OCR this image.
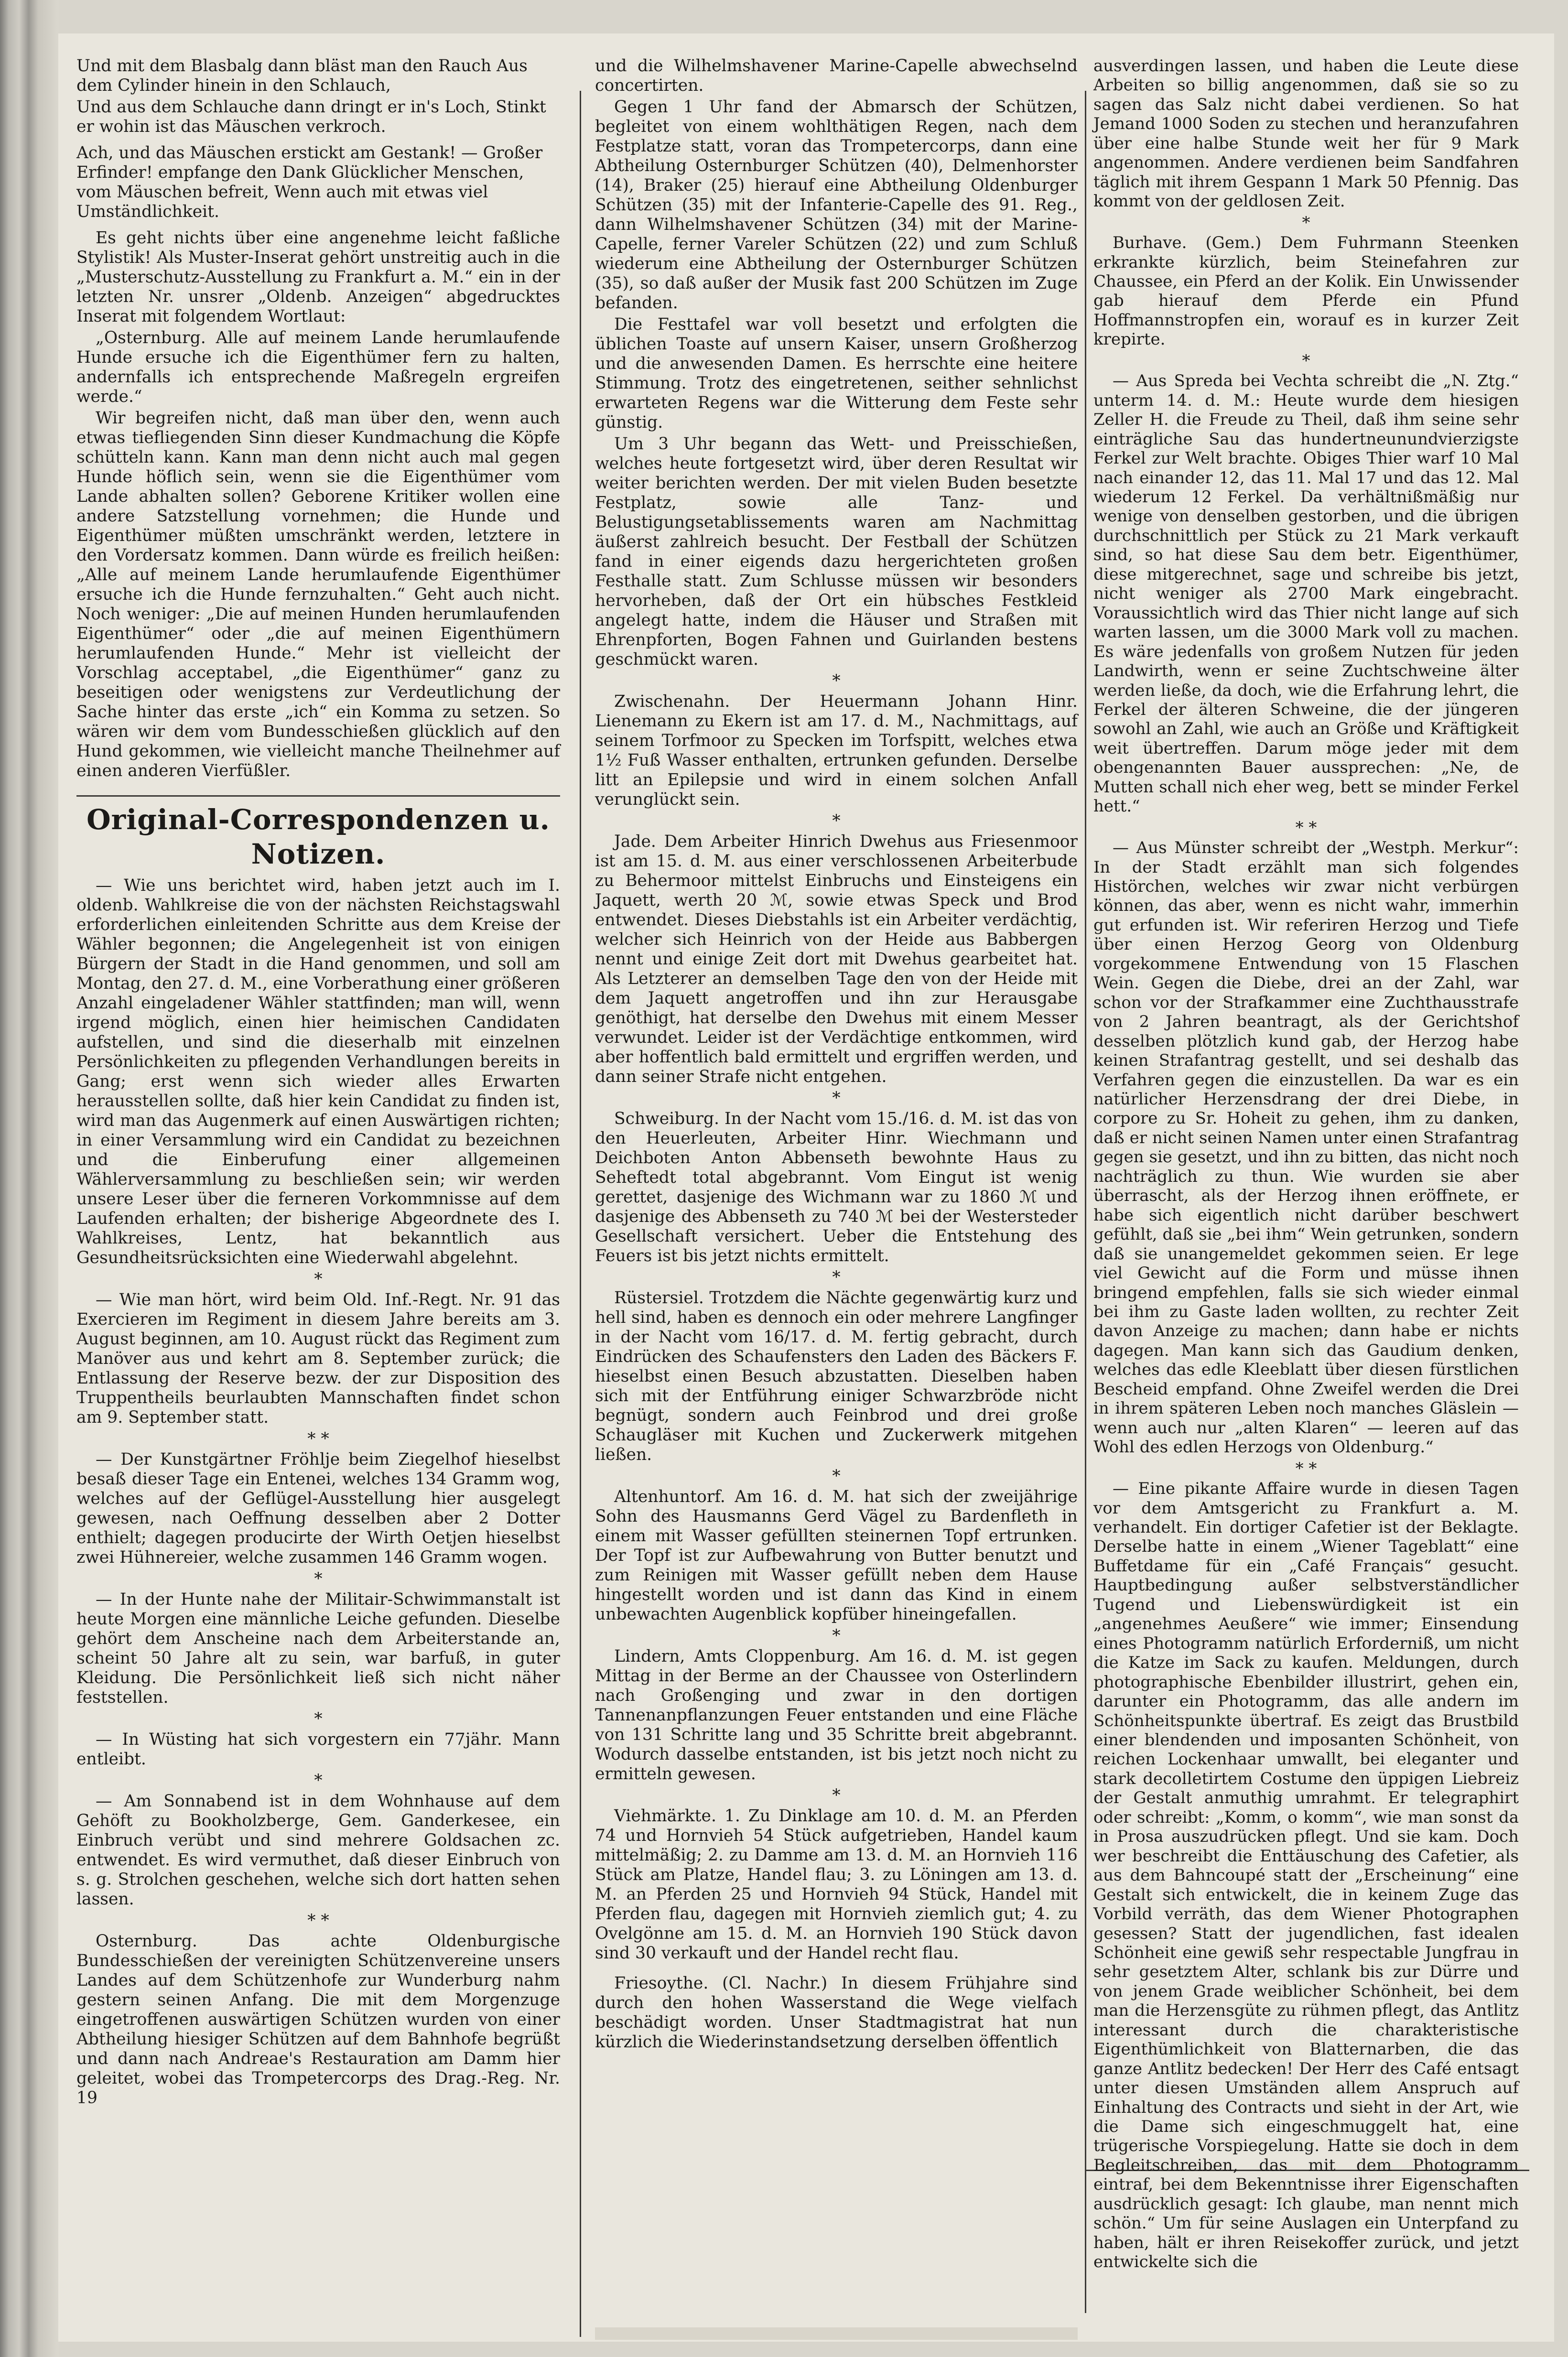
Und mit dem Blasbalg dann bläst man den Rauch Aus dem Cylinder hinein in den Schlauch,

Und aus dem Schlauche dann dringt er in's Loch, Stinkt er wohin ist das Mäuschen verkroch.

Ach, und das Mäuschen erstickt am Gestank! — Großer Erfinder! empfange den Dank Glücklicher Menschen, vom Mäuschen befreit, Wenn auch mit etwas viel Umständlichkeit.

Es geht nichts über eine angenehme leicht faßliche Stylistik! Als Muster-Inserat gehört unstreitig auch in die „Musterschutz-Ausstellung zu Frankfurt a. M.“ ein in der letzten Nr. unsrer „Oldenb. Anzeigen“ abgedrucktes Inserat mit folgendem Wortlaut:

„Osternburg. Alle auf meinem Lande herumlaufende Hunde ersuche ich die Eigenthümer fern zu halten, andernfalls ich entsprechende Maßregeln ergreifen werde.“

Wir begreifen nicht, daß man über den, wenn auch etwas tiefliegenden Sinn dieser Kundmachung die Köpfe schütteln kann. Kann man denn nicht auch mal gegen Hunde höflich sein, wenn sie die Eigenthümer vom Lande abhalten sollen? Geborene Kritiker wollen eine andere Satzstellung vornehmen; die Hunde und Eigenthümer müßten umschränkt werden, letztere in den Vordersatz kommen. Dann würde es freilich heißen: „Alle auf meinem Lande herumlaufende Eigenthümer ersuche ich die Hunde fernzuhalten.“ Geht auch nicht. Noch weniger: „Die auf meinen Hunden herumlaufenden Eigenthümer“ oder „die auf meinen Eigenthümern herumlaufenden Hunde.“ Mehr ist vielleicht der Vorschlag acceptabel, „die Eigenthümer“ ganz zu beseitigen oder wenigstens zur Verdeutlichung der Sache hinter das erste „ich“ ein Komma zu setzen. So wären wir dem vom Bundesschießen glücklich auf den Hund gekommen, wie vielleicht manche Theilnehmer auf einen anderen Vierfüßler.

Original-Correspondenzen u. Notizen.

— Wie uns berichtet wird, haben jetzt auch im I. oldenb. Wahlkreise die von der nächsten Reichstagswahl erforderlichen einleitenden Schritte aus dem Kreise der Wähler begonnen; die Angelegenheit ist von einigen Bürgern der Stadt in die Hand genommen, und soll am Montag, den 27. d. M., eine Vorberathung einer größeren Anzahl eingeladener Wähler stattfinden; man will, wenn irgend möglich, einen hier heimischen Candidaten aufstellen, und sind die dieserhalb mit einzelnen Persönlichkeiten zu pflegenden Verhandlungen bereits in Gang; erst wenn sich wieder alles Erwarten herausstellen sollte, daß hier kein Candidat zu finden ist, wird man das Augenmerk auf einen Auswärtigen richten; in einer Versammlung wird ein Candidat zu bezeichnen und die Einberufung einer allgemeinen Wählerversammlung zu beschließen sein; wir werden unsere Leser über die ferneren Vorkommnisse auf dem Laufenden erhalten; der bisherige Abgeordnete des I. Wahlkreises, Lentz, hat bekanntlich aus Gesundheitsrücksichten eine Wiederwahl abgelehnt.

*

— Wie man hört, wird beim Old. Inf.-Regt. Nr. 91 das Exercieren im Regiment in diesem Jahre bereits am 3. August beginnen, am 10. August rückt das Regiment zum Manöver aus und kehrt am 8. September zurück; die Entlassung der Reserve bezw. der zur Disposition des Truppentheils beurlaubten Mannschaften findet schon am 9. September statt.

* *

— Der Kunstgärtner Fröhlje beim Ziegelhof hieselbst besaß dieser Tage ein Entenei, welches 134 Gramm wog, welches auf der Geflügel-Ausstellung hier ausgelegt gewesen, nach Oeffnung desselben aber 2 Dotter enthielt; dagegen producirte der Wirth Oetjen hieselbst zwei Hühnereier, welche zusammen 146 Gramm wogen.

*

— In der Hunte nahe der Militair-Schwimmanstalt ist heute Morgen eine männliche Leiche gefunden. Dieselbe gehört dem Anscheine nach dem Arbeiterstande an, scheint 50 Jahre alt zu sein, war barfuß, in guter Kleidung. Die Persönlichkeit ließ sich nicht näher feststellen.

*

— In Wüsting hat sich vorgestern ein 77jähr. Mann entleibt.

*

— Am Sonnabend ist in dem Wohnhause auf dem Gehöft zu Bookholzberge, Gem. Ganderkesee, ein Einbruch verübt und sind mehrere Goldsachen zc. entwendet. Es wird vermuthet, daß dieser Einbruch von s. g. Strolchen geschehen, welche sich dort hatten sehen lassen.

* *

Osternburg. Das achte Oldenburgische Bundesschießen der vereinigten Schützenvereine unsers Landes auf dem Schützenhofe zur Wunderburg nahm gestern seinen Anfang. Die mit dem Morgenzuge eingetroffenen auswärtigen Schützen wurden von einer Abtheilung hiesiger Schützen auf dem Bahnhofe begrüßt und dann nach Andreae's Restauration am Damm hier geleitet, wobei das Trompetercorps des Drag.-Reg. Nr. 19

und die Wilhelmshavener Marine-Capelle abwechselnd concertirten.

Gegen 1 Uhr fand der Abmarsch der Schützen, begleitet von einem wohlthätigen Regen, nach dem Festplatze statt, voran das Trompetercorps, dann eine Abtheilung Osternburger Schützen (40), Delmenhorster (14), Braker (25) hierauf eine Abtheilung Oldenburger Schützen (35) mit der Infanterie-Capelle des 91. Reg., dann Wilhelmshavener Schützen (34) mit der Marine-Capelle, ferner Vareler Schützen (22) und zum Schluß wiederum eine Abtheilung der Osternburger Schützen (35), so daß außer der Musik fast 200 Schützen im Zuge befanden.

Die Festtafel war voll besetzt und erfolgten die üblichen Toaste auf unsern Kaiser, unsern Großherzog und die anwesenden Damen. Es herrschte eine heitere Stimmung. Trotz des eingetretenen, seither sehnlichst erwarteten Regens war die Witterung dem Feste sehr günstig.

Um 3 Uhr begann das Wett- und Preisschießen, welches heute fortgesetzt wird, über deren Resultat wir weiter berichten werden. Der mit vielen Buden besetzte Festplatz, sowie alle Tanz- und Belustigungsetablissements waren am Nachmittag äußerst zahlreich besucht. Der Festball der Schützen fand in einer eigends dazu hergerichteten großen Festhalle statt. Zum Schlusse müssen wir besonders hervorheben, daß der Ort ein hübsches Festkleid angelegt hatte, indem die Häuser und Straßen mit Ehrenpforten, Bogen Fahnen und Guirlanden bestens geschmückt waren.

*

Zwischenahn. Der Heuermann Johann Hinr. Lienemann zu Ekern ist am 17. d. M., Nachmittags, auf seinem Torfmoor zu Specken im Torfspitt, welches etwa 1½ Fuß Wasser enthalten, ertrunken gefunden. Derselbe litt an Epilepsie und wird in einem solchen Anfall verunglückt sein.

*

Jade. Dem Arbeiter Hinrich Dwehus aus Friesenmoor ist am 15. d. M. aus einer verschlossenen Arbeiterbude zu Behermoor mittelst Einbruchs und Einsteigens ein Jaquett, werth 20 ℳ, sowie etwas Speck und Brod entwendet. Dieses Diebstahls ist ein Arbeiter verdächtig, welcher sich Heinrich von der Heide aus Babbergen nennt und einige Zeit dort mit Dwehus gearbeitet hat. Als Letzterer an demselben Tage den von der Heide mit dem Jaquett angetroffen und ihn zur Herausgabe genöthigt, hat derselbe den Dwehus mit einem Messer verwundet. Leider ist der Verdächtige entkommen, wird aber hoffentlich bald ermittelt und ergriffen werden, und dann seiner Strafe nicht entgehen.

*

Schweiburg. In der Nacht vom 15./16. d. M. ist das von den Heuerleuten, Arbeiter Hinr. Wiechmann und Deichboten Anton Abbenseth bewohnte Haus zu Seheftedt total abgebrannt. Vom Eingut ist wenig gerettet, dasjenige des Wichmann war zu 1860 ℳ und dasjenige des Abbenseth zu 740 ℳ bei der Westersteder Gesellschaft versichert. Ueber die Entstehung des Feuers ist bis jetzt nichts ermittelt.

*

Rüstersiel. Trotzdem die Nächte gegenwärtig kurz und hell sind, haben es dennoch ein oder mehrere Langfinger in der Nacht vom 16/17. d. M. fertig gebracht, durch Eindrücken des Schaufensters den Laden des Bäckers F. hieselbst einen Besuch abzustatten. Dieselben haben sich mit der Entführung einiger Schwarzbröde nicht begnügt, sondern auch Feinbrod und drei große Schaugläser mit Kuchen und Zuckerwerk mitgehen ließen.

*

Altenhuntorf. Am 16. d. M. hat sich der zweijährige Sohn des Hausmanns Gerd Vägel zu Bardenfleth in einem mit Wasser gefüllten steinernen Topf ertrunken. Der Topf ist zur Aufbewahrung von Butter benutzt und zum Reinigen mit Wasser gefüllt neben dem Hause hingestellt worden und ist dann das Kind in einem unbewachten Augenblick kopfüber hineingefallen.

*

Lindern, Amts Cloppenburg. Am 16. d. M. ist gegen Mittag in der Berme an der Chaussee von Osterlindern nach Großenging und zwar in den dortigen Tannenanpflanzungen Feuer entstanden und eine Fläche von 131 Schritte lang und 35 Schritte breit abgebrannt. Wodurch dasselbe entstanden, ist bis jetzt noch nicht zu ermitteln gewesen.

*

Viehmärkte. 1. Zu Dinklage am 10. d. M. an Pferden 74 und Hornvieh 54 Stück aufgetrieben, Handel kaum mittelmäßig; 2. zu Damme am 13. d. M. an Hornvieh 116 Stück am Platze, Handel flau; 3. zu Löningen am 13. d. M. an Pferden 25 und Hornvieh 94 Stück, Handel mit Pferden flau, dagegen mit Hornvieh ziemlich gut; 4. zu Ovelgönne am 15. d. M. an Hornvieh 190 Stück davon sind 30 verkauft und der Handel recht flau.

Friesoythe. (Cl. Nachr.) In diesem Frühjahre sind durch den hohen Wasserstand die Wege vielfach beschädigt worden. Unser Stadtmagistrat hat nun kürzlich die Wiederinstandsetzung derselben öffentlich

ausverdingen lassen, und haben die Leute diese Arbeiten so billig angenommen, daß sie so zu sagen das Salz nicht dabei verdienen. So hat Jemand 1000 Soden zu stechen und heranzufahren über eine halbe Stunde weit her für 9 Mark angenommen. Andere verdienen beim Sandfahren täglich mit ihrem Gespann 1 Mark 50 Pfennig. Das kommt von der geldlosen Zeit.

*

Burhave. (Gem.) Dem Fuhrmann Steenken erkrankte kürzlich, beim Steinefahren zur Chaussee, ein Pferd an der Kolik. Ein Unwissender gab hierauf dem Pferde ein Pfund Hoffmannstropfen ein, worauf es in kurzer Zeit krepirte.

*

— Aus Spreda bei Vechta schreibt die „N. Ztg.“ unterm 14. d. M.: Heute wurde dem hiesigen Zeller H. die Freude zu Theil, daß ihm seine sehr einträgliche Sau das hundertneunundvierzigste Ferkel zur Welt brachte. Obiges Thier warf 10 Mal nach einander 12, das 11. Mal 17 und das 12. Mal wiederum 12 Ferkel. Da verhältnißmäßig nur wenige von denselben gestorben, und die übrigen durchschnittlich per Stück zu 21 Mark verkauft sind, so hat diese Sau dem betr. Eigenthümer, diese mitgerechnet, sage und schreibe bis jetzt, nicht weniger als 2700 Mark eingebracht. Voraussichtlich wird das Thier nicht lange auf sich warten lassen, um die 3000 Mark voll zu machen. Es wäre jedenfalls von großem Nutzen für jeden Landwirth, wenn er seine Zuchtschweine älter werden ließe, da doch, wie die Erfahrung lehrt, die Ferkel der älteren Schweine, die der jüngeren sowohl an Zahl, wie auch an Größe und Kräftigkeit weit übertreffen. Darum möge jeder mit dem obengenannten Bauer aussprechen: „Ne, de Mutten schall nich eher weg, bett se minder Ferkel hett.“

* *

— Aus Münster schreibt der „Westph. Merkur“: In der Stadt erzählt man sich folgendes Histörchen, welches wir zwar nicht verbürgen können, das aber, wenn es nicht wahr, immerhin gut erfunden ist. Wir referiren Herzog und Tiefe über einen Herzog Georg von Oldenburg vorgekommene Entwendung von 15 Flaschen Wein. Gegen die Diebe, drei an der Zahl, war schon vor der Strafkammer eine Zuchthausstrafe von 2 Jahren beantragt, als der Gerichtshof desselben plötzlich kund gab, der Herzog habe keinen Strafantrag gestellt, und sei deshalb das Verfahren gegen die einzustellen. Da war es ein natürlicher Herzensdrang der drei Diebe, in corpore zu Sr. Hoheit zu gehen, ihm zu danken, daß er nicht seinen Namen unter einen Strafantrag gegen sie gesetzt, und ihn zu bitten, das nicht noch nachträglich zu thun. Wie wurden sie aber überrascht, als der Herzog ihnen eröffnete, er habe sich eigentlich nicht darüber beschwert gefühlt, daß sie „bei ihm“ Wein getrunken, sondern daß sie unangemeldet gekommen seien. Er lege viel Gewicht auf die Form und müsse ihnen bringend empfehlen, falls sie sich wieder einmal bei ihm zu Gaste laden wollten, zu rechter Zeit davon Anzeige zu machen; dann habe er nichts dagegen. Man kann sich das Gaudium denken, welches das edle Kleeblatt über diesen fürstlichen Bescheid empfand. Ohne Zweifel werden die Drei in ihrem späteren Leben noch manches Gläslein — wenn auch nur „alten Klaren“ — leeren auf das Wohl des edlen Herzogs von Oldenburg.“

* *

— Eine pikante Affaire wurde in diesen Tagen vor dem Amtsgericht zu Frankfurt a. M. verhandelt. Ein dortiger Cafetier ist der Beklagte. Derselbe hatte in einem „Wiener Tageblatt“ eine Buffetdame für ein „Café Français“ gesucht. Hauptbedingung außer selbstverständlicher Tugend und Liebenswürdigkeit ist ein „angenehmes Aeußere“ wie immer; Einsendung eines Photogramm natürlich Erforderniß, um nicht die Katze im Sack zu kaufen. Meldungen, durch photographische Ebenbilder illustrirt, gehen ein, darunter ein Photogramm, das alle andern im Schönheitspunkte übertraf. Es zeigt das Brustbild einer blendenden und imposanten Schönheit, von reichen Lockenhaar umwallt, bei eleganter und stark decolletirtem Costume den üppigen Liebreiz der Gestalt anmuthig umrahmt. Er telegraphirt oder schreibt: „Komm, o komm“, wie man sonst da in Prosa auszudrücken pflegt. Und sie kam. Doch wer beschreibt die Enttäuschung des Cafetier, als aus dem Bahncoupé statt der „Erscheinung“ eine Gestalt sich entwickelt, die in keinem Zuge das Vorbild verräth, das dem Wiener Photographen gesessen? Statt der jugendlichen, fast idealen Schönheit eine gewiß sehr respectable Jungfrau in sehr gesetztem Alter, schlank bis zur Dürre und von jenem Grade weiblicher Schönheit, bei dem man die Herzensgüte zu rühmen pflegt, das Antlitz interessant durch die charakteristische Eigenthümlichkeit von Blatternarben, die das ganze Antlitz bedecken! Der Herr des Café entsagt unter diesen Umständen allem Anspruch auf Einhaltung des Contracts und sieht in der Art, wie die Dame sich eingeschmuggelt hat, eine trügerische Vorspiegelung. Hatte sie doch in dem Begleitschreiben, das mit dem Photogramm eintraf, bei dem Bekenntnisse ihrer Eigenschaften ausdrücklich gesagt: Ich glaube, man nennt mich schön.“ Um für seine Auslagen ein Unterpfand zu haben, hält er ihren Reisekoffer zurück, und jetzt entwickelte sich die
